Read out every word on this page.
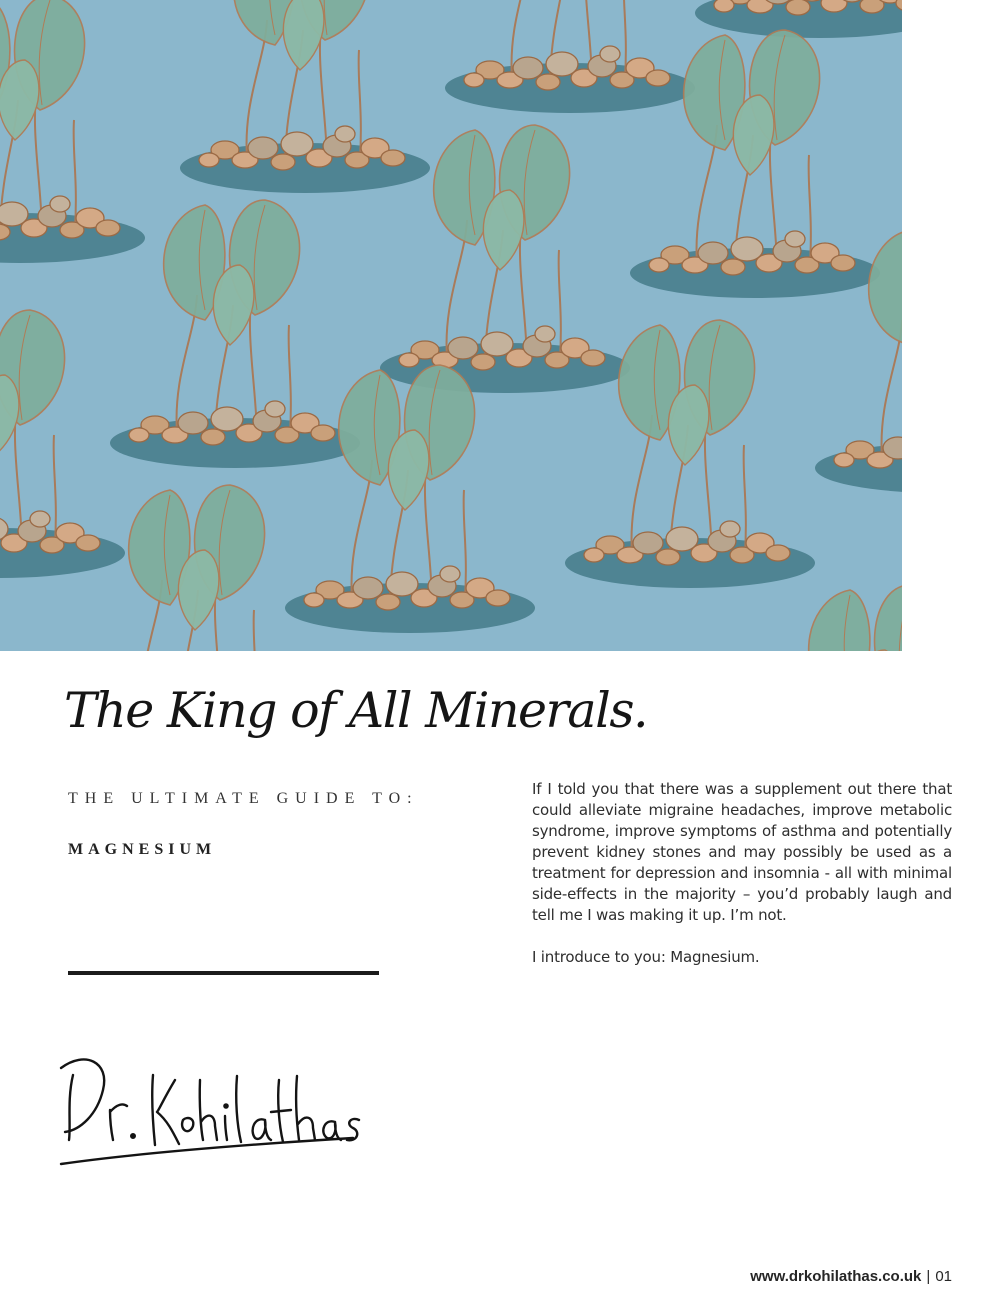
The King of All Minerals.

THE ULTIMATE GUIDE TO:

MAGNESIUM

If I told you that there was a supplement out there that could alleviate migraine headaches, improve metabolic syndrome, improve symptoms of asthma and potentially prevent kidney stones and may possibly be used as a treatment for depression and insomnia - all with minimal side-effects in the majority – you’d probably laugh and tell me I was making it up. I’m not.

I introduce to you: Magnesium.

www.drkohilathas.co.uk | 01
